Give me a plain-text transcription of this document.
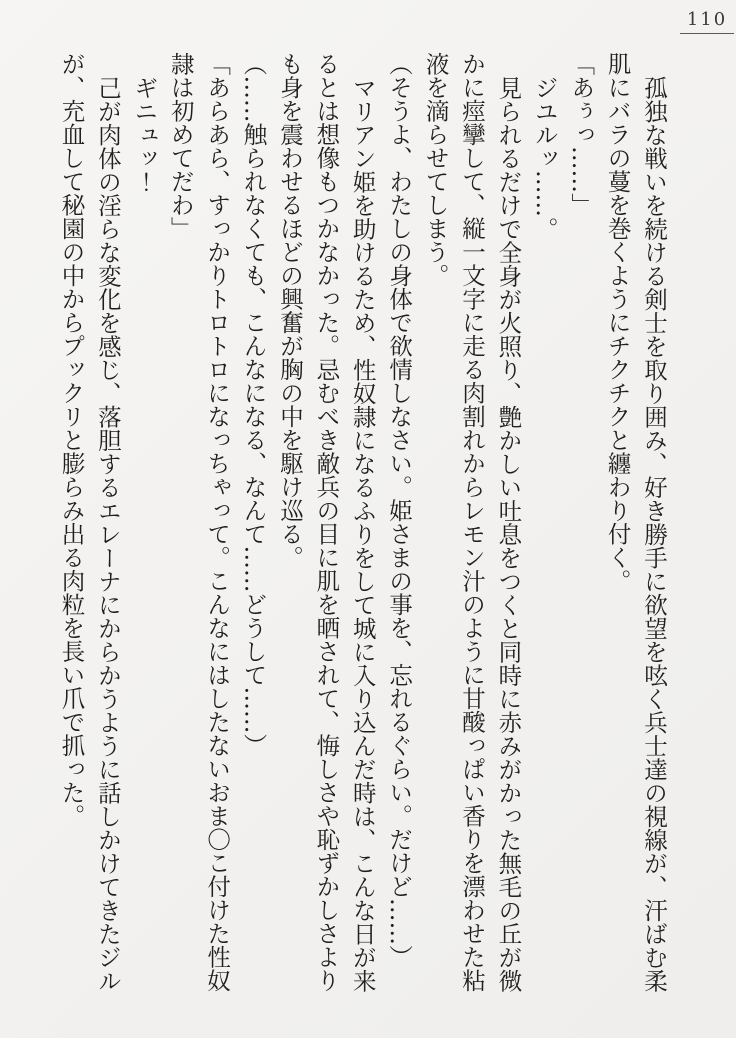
110

孤独な戦いを続ける剣士を取り囲み、好き勝手に欲望を呟く兵士達の視線が、汗ばむ柔肌にバラの蔓を巻くようにチクチクと纏わり付く。

「あぅっ……」

ジユルッ……。

見られるだけで全身が火照り、艶かしい吐息をつくと同時に赤みがかった無毛の丘が微かに痙攣して、縦一文字に走る肉割れからレモン汁のように甘酸っぱい香りを漂わせた粘液を滴らせてしまう。

（そうよ、わたしの身体で欲情しなさい。姫さまの事を、忘れるぐらい。だけど……）

マリアン姫を助けるため、性奴隷になるふりをして城に入り込んだ時は、こんな日が来るとは想像もつかなかった。忌むべき敵兵の目に肌を晒されて、悔しさや恥ずかしさよりも身を震わせるほどの興奮が胸の中を駆け巡る。

（……触られなくても、こんなになる、なんて……どうして……）

「あらあら、すっかりトロトロになっちゃって。こんなにはしたないおま〇こ付けた性奴隷は初めてだわ」

ギニュッ！

己が肉体の淫らな変化を感じ、落胆するエレーナにからかうように話しかけてきたジルが、充血して秘園の中からプックリと膨らみ出る肉粒を長い爪で抓った。
